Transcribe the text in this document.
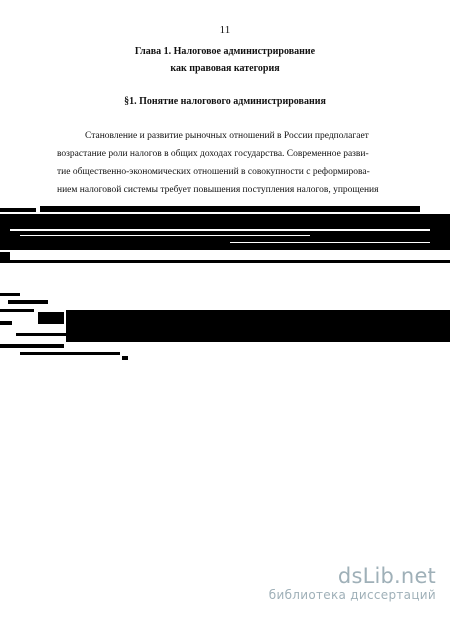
11
Глава 1. Налоговое администрирование
как правовая категория
§1. Понятие налогового администрирования
Становление и развитие рыночных отношений в России предполагает
возрастание роли налогов в общих доходах государства. Современное разви-
тие общественно-экономических отношений в совокупности с реформирова-
нием налоговой системы требует повышения поступления налогов, упрощения
dsLib.net
библиотека диссертаций
